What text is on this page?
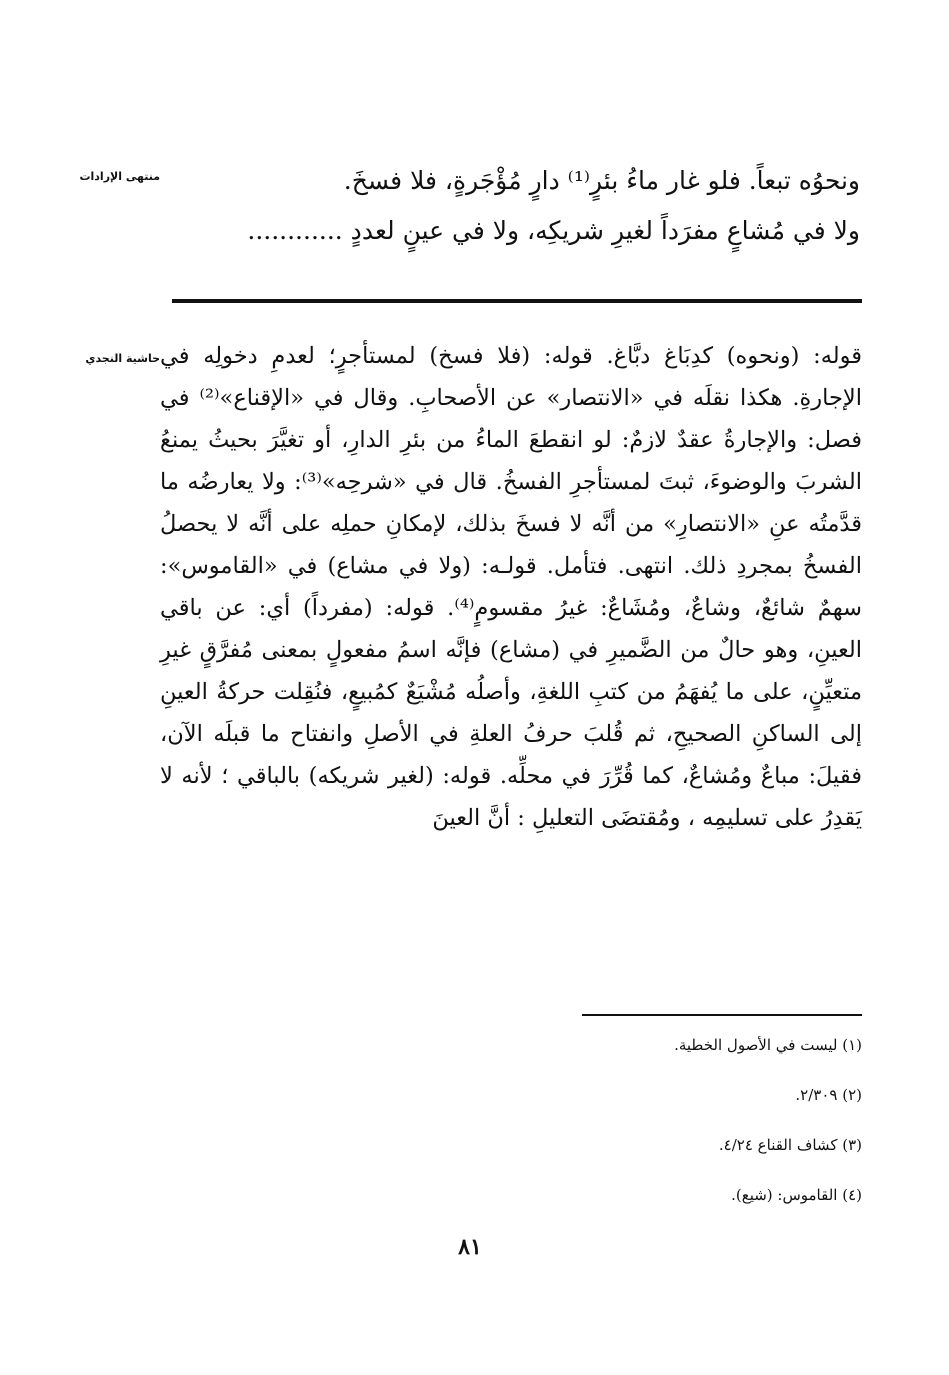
منتهى الإرادات
حاشية النجدي

ونحوُه تبعاً. فلو غار ماءُ بئرٍ⁽¹⁾ دارٍ مُؤْجَرةٍ، فلا فسخَ.

ولا في مُشاعٍ مفرَداً لغيرِ شريكِه، ولا في عينٍ لعددٍ ............

قوله: (ونحوه) كدِبَاغ دبَّاغ. قوله: (فلا فسخ) لمستأجرٍ؛ لعدمِ دخولِه في الإجارةِ. هكذا نقلَه في «الانتصار» عن الأصحابِ. وقال في «الإقناع»⁽²⁾ في فصل: والإجارةُ عقدٌ لازمٌ: لو انقطعَ الماءُ من بئرِ الدارِ، أو تغيَّرَ بحيثُ يمنعُ الشربَ والوضوءَ، ثبتَ لمستأجرِ الفسخُ. قال في «شرحِه»⁽³⁾: ولا يعارضُه ما قدَّمتُه عنِ «الانتصارِ» من أنَّه لا فسخَ بذلك، لإمكانِ حملِه على أنَّه لا يحصلُ الفسخُ بمجردِ ذلك. انتهى. فتأمل. قولـه: (ولا في مشاع) في «القاموس»: سهمٌ شائعٌ، وشاعٌ، ومُشَاعٌ: غيرُ مقسومٍ⁽⁴⁾. قوله: (مفرداً) أي: عن باقي العينِ، وهو حالٌ من الضَّميرِ في (مشاع) فإنَّه اسمُ مفعولٍ بمعنى مُفرَّقٍ غيرِ متعيِّنٍ، على ما يُفهَمُ من كتبِ اللغةِ، وأصلُه مُشْيَعٌ كمُبيعٍ، فنُقِلت حركةُ العينِ إلى الساكنِ الصحيحِ، ثم قُلبَ حرفُ العلةِ في الأصلِ وانفتاح ما قبلَه الآن، فقيلَ: مباعٌ ومُشاعٌ، كما قُرِّرَ في محلِّه. قوله: (لغير شريكه) بالباقي ؛ لأنه لا يَقدِرُ على تسليمِه ، ومُقتضَى التعليلِ : أنَّ العينَ

(١) ليست في الأصول الخطية.
(٢) ٢/٣٠٩.
(٣) كشاف القناع ٤/٢٤.
(٤) القاموس: (شيع).
٨١
